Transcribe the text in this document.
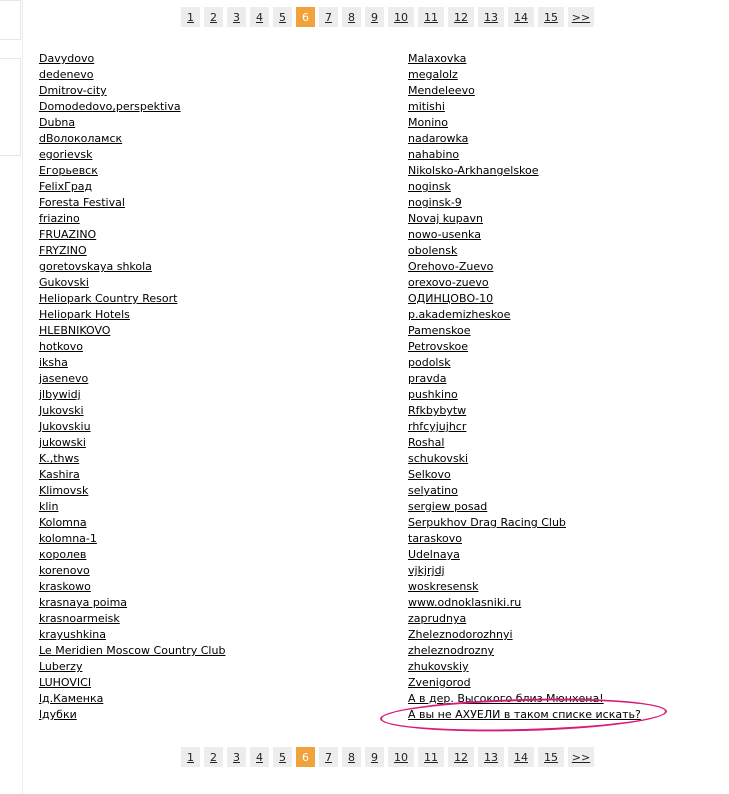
1	2	3	4	5	6	7	8	9	10	11	12	13	14	15	>>
Davydovo
dedenevo
Dmitrov-city
Domodedovo,perspektiva
Dubna
dВолоколамск
egorievsk
Егорьевск
FelixГрад
Foresta Festival
friazino
FRUAZINO
FRYZINO
goretovskaya shkola
Gukovski
Heliopark Country Resort
Heliopark Hotels
HLEBNIKOVO
hotkovo
iksha
jasenevo
jlbywidj
Jukovski
Jukovskiu
jukowski
K.,thws
Kashira
Klimovsk
klin
Kolomna
kolomna-1
королев
korenovo
kraskowo
krasnaya poima
krasnoarmeisk
krayushkina
Le Meridien Moscow Country Club
Luberzy
LUHOVICI
lд.Каменка
lдубки
Malaxovka
megalolz
Mendeleevo
mitishi
Monino
nadarowka
nahabino
Nikolsko-Arkhangelskoe
noginsk
noginsk-9
Novaj kupavn
nowo-usenka
obolensk
Orehovo-Zuevo
orexovo-zuevo
ОДИНЦОВО-10
p.akademizheskoe
Pamenskoe
Petrovskoe
podolsk
pravda
pushkino
Rfkbybytw
rhfcyjujhcr
Roshal
schukovski
Selkovo
selyatino
sergiew posad
Serpukhov Drag Racing Club
taraskovo
Udelnaya
vjkjrjdj
woskresensk
www.odnoklasniki.ru
zaprudnya
Zheleznodorozhnyi
zheleznodrozny
zhukovskiy
Zvenigorod
А в дер. Высокого близ Мюнхена!
А вы не АХУЕЛИ в таком списке искать?
1	2	3	4	5	6	7	8	9	10	11	12	13	14	15	>>
